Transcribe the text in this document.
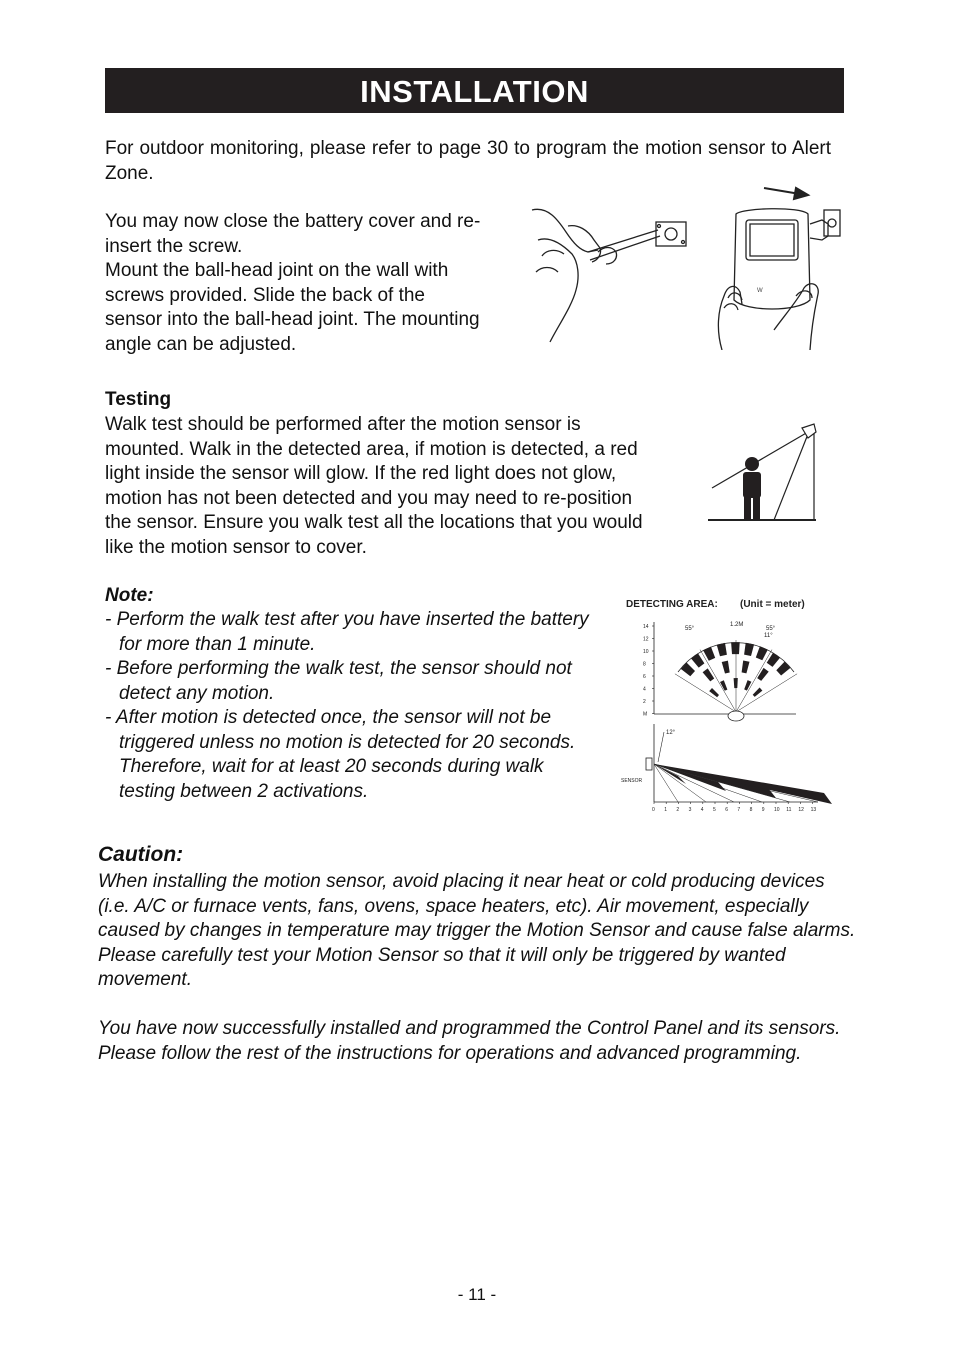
INSTALLATION
For outdoor monitoring, please refer to page 30 to program the motion sensor to Alert Zone.

You may now close the battery cover and re-insert the screw.

Mount the ball-head joint on the wall with screws provided. Slide the back of the sensor into the ball-head joint. The mounting angle can be adjusted.

W
Testing
Walk test should be performed after the motion sensor is mounted. Walk in the detected area, if motion is detected, a red light inside the sensor will glow. If the red light does not glow, motion has not been detected and you may need to re-position the sensor. Ensure you walk test all the locations that you would like the motion sensor to cover.
Note:
- Perform the walk test after you have inserted the battery for more than 1 minute.
- Before performing the walk test, the sensor should not detect any motion.
- After motion is detected once, the sensor will not be triggered unless no motion is detected for 20 seconds. Therefore, wait for at least 20 seconds during walk testing between 2 activations.
DETECTING AREA: (Unit = meter)
14
12
10
8
6
4
2
M
55°
1.2M
55°
11°
12°
SENSOR
0 1 2 3 4 5 6 7 8 9 10 11 12 13
Caution:
When installing the motion sensor, avoid placing it near heat or cold producing devices (i.e. A/C or furnace vents, fans, ovens, space heaters, etc). Air movement, especially caused by changes in temperature may trigger the Motion Sensor and cause false alarms. Please carefully test your Motion Sensor so that it will only be triggered by wanted movement.
You have now successfully installed and programmed the Control Panel and its sensors. Please follow the rest of the instructions for operations and advanced programming.
- 11 -
